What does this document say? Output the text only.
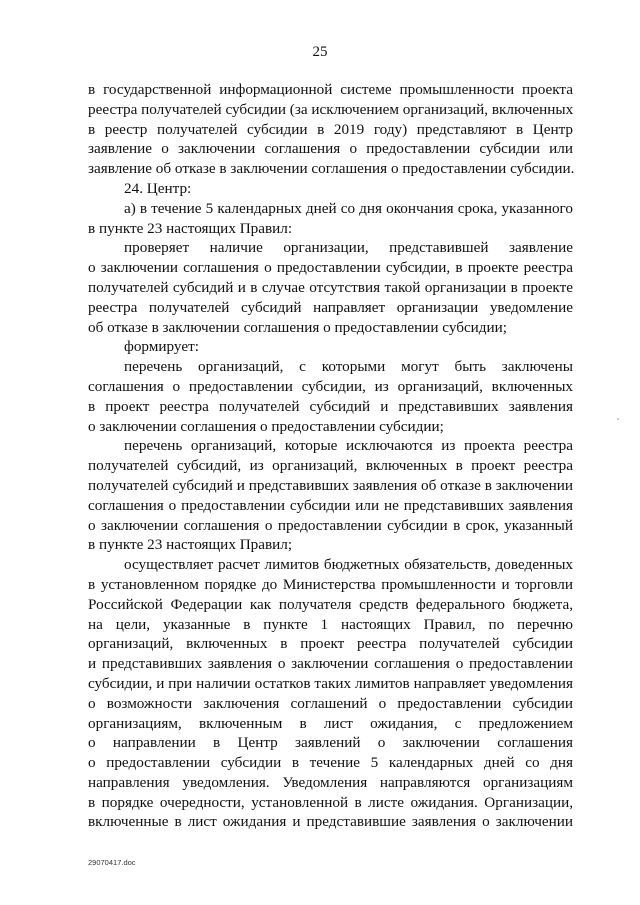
25
в государственной информационной системе промышленности проекта
реестра получателей субсидии (за исключением организаций, включенных
в реестр получателей субсидии в 2019 году) представляют в Центр
заявление о заключении соглашения о предоставлении субсидии или
заявление об отказе в заключении соглашения о предоставлении субсидии.
24. Центр:
а) в течение 5 календарных дней со дня окончания срока, указанного
в пункте 23 настоящих Правил:
проверяет наличие организации, представившей заявление
о заключении соглашения о предоставлении субсидии, в проекте реестра
получателей субсидий и в случае отсутствия такой организации в проекте
реестра получателей субсидий направляет организации уведомление
об отказе в заключении соглашения о предоставлении субсидии;
формирует:
перечень организаций, с которыми могут быть заключены
соглашения о предоставлении субсидии, из организаций, включенных
в проект реестра получателей субсидий и представивших заявления
о заключении соглашения о предоставлении субсидии;
перечень организаций, которые исключаются из проекта реестра
получателей субсидий, из организаций, включенных в проект реестра
получателей субсидий и представивших заявления об отказе в заключении
соглашения о предоставлении субсидии или не представивших заявления
о заключении соглашения о предоставлении субсидии в срок, указанный
в пункте 23 настоящих Правил;
осуществляет расчет лимитов бюджетных обязательств, доведенных
в установленном порядке до Министерства промышленности и торговли
Российской Федерации как получателя средств федерального бюджета,
на цели, указанные в пункте 1 настоящих Правил, по перечню
организаций, включенных в проект реестра получателей субсидии
и представивших заявления о заключении соглашения о предоставлении
субсидии, и при наличии остатков таких лимитов направляет уведомления
о возможности заключения соглашений о предоставлении субсидии
организациям, включенным в лист ожидания, с предложением
о направлении в Центр заявлений о заключении соглашения
о предоставлении субсидии в течение 5 календарных дней со дня
направления уведомления. Уведомления направляются организациям
в порядке очередности, установленной в листе ожидания. Организации,
включенные в лист ожидания и представившие заявления о заключении
29070417.doc
